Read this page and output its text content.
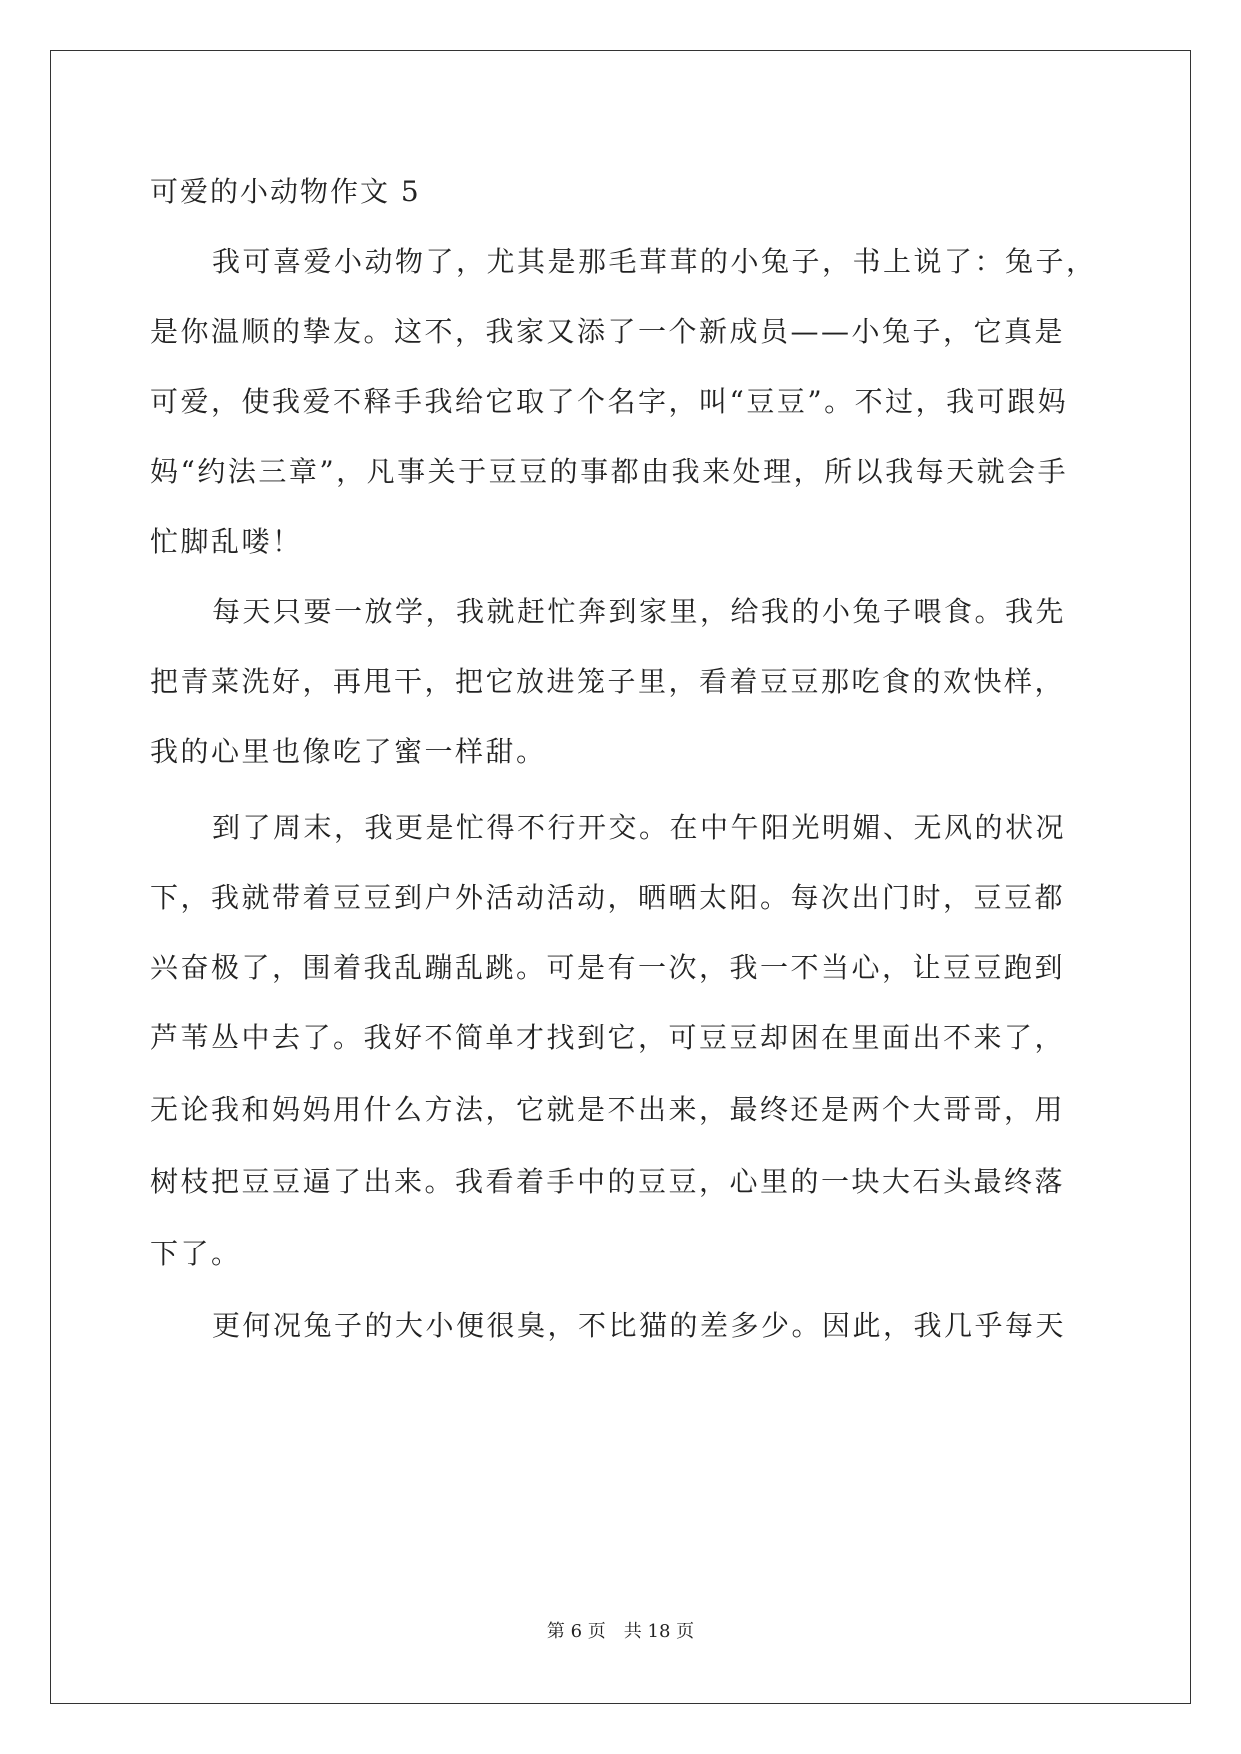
可爱的小动物作文 5
我可喜爱小动物了，尤其是那毛茸茸的小兔子，书上说了：兔子，
是你温顺的挚友。这不，我家又添了一个新成员——小兔子，它真是
可爱，使我爱不释手我给它取了个名字，叫“豆豆”。不过，我可跟妈
妈“约法三章”，凡事关于豆豆的事都由我来处理，所以我每天就会手
忙脚乱喽！
每天只要一放学，我就赶忙奔到家里，给我的小兔子喂食。我先
把青菜洗好，再甩干，把它放进笼子里，看着豆豆那吃食的欢快样，
我的心里也像吃了蜜一样甜。
到了周末，我更是忙得不行开交。在中午阳光明媚、无风的状况
下，我就带着豆豆到户外活动活动，晒晒太阳。每次出门时，豆豆都
兴奋极了，围着我乱蹦乱跳。可是有一次，我一不当心，让豆豆跑到
芦苇丛中去了。我好不简单才找到它，可豆豆却困在里面出不来了，
无论我和妈妈用什么方法，它就是不出来，最终还是两个大哥哥，用
树枝把豆豆逼了出来。我看着手中的豆豆，心里的一块大石头最终落
下了。
更何况兔子的大小便很臭，不比猫的差多少。因此，我几乎每天
第 6 页　共 18 页
